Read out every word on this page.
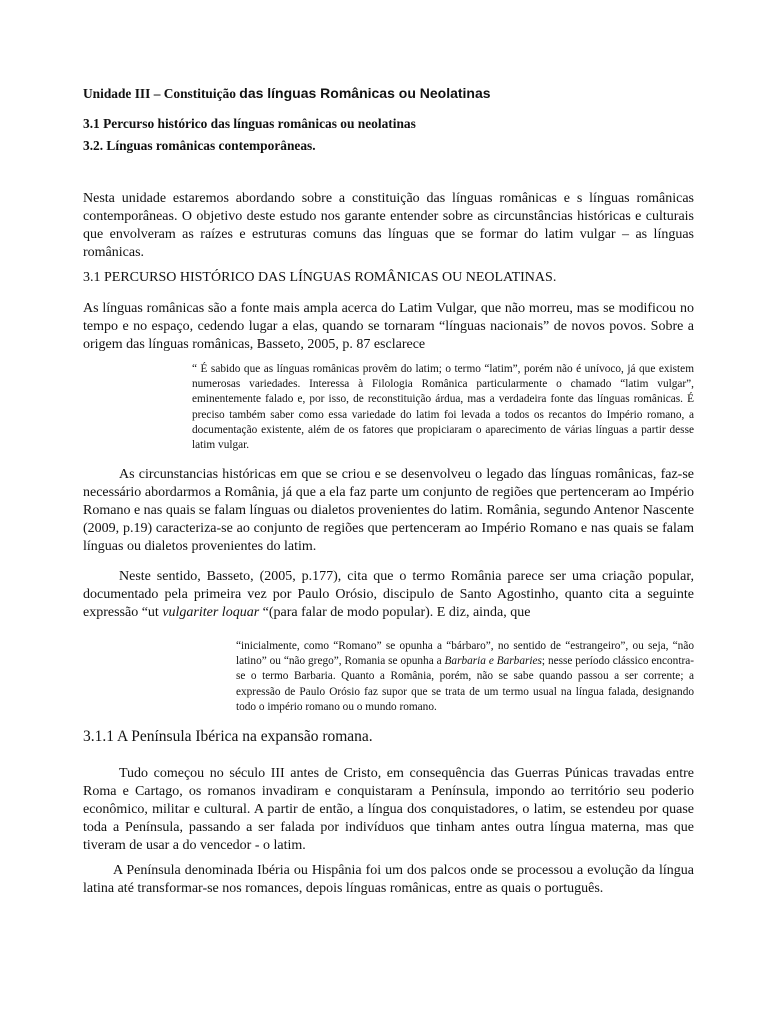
Unidade III – Constituição das línguas Românicas ou Neolatinas
3.1 Percurso histórico das línguas românicas ou neolatinas
3.2. Línguas românicas contemporâneas.
Nesta unidade estaremos abordando sobre a constituição das línguas românicas e s línguas românicas contemporâneas. O objetivo deste estudo nos garante entender sobre as circunstâncias históricas e culturais que envolveram as raízes e estruturas comuns das línguas que se formar do latim vulgar – as línguas românicas.
3.1 PERCURSO HISTÓRICO DAS LÍNGUAS ROMÂNICAS OU NEOLATINAS.
As línguas românicas são a fonte mais ampla acerca do Latim Vulgar, que não morreu, mas se modificou no tempo e no espaço, cedendo lugar a elas, quando se tornaram “línguas nacionais” de novos povos. Sobre a origem das línguas românicas, Basseto, 2005, p. 87 esclarece
“ É sabido que as línguas românicas provêm do latim; o termo “latim”, porém não é unívoco, já que existem numerosas variedades. Interessa à Filologia Românica particularmente o chamado “latim vulgar”, eminentemente falado e, por isso, de reconstituição árdua, mas a verdadeira fonte das línguas românicas. É preciso também saber como essa variedade do latim foi levada a todos os recantos do Império romano, a documentação existente, além de os fatores que propiciaram o aparecimento de várias línguas a partir desse latim vulgar.
As circunstancias históricas em que se criou e se desenvolveu o legado das línguas românicas, faz-se necessário abordarmos a România, já que a ela faz parte um conjunto de regiões que pertenceram ao Império Romano e nas quais se falam línguas ou dialetos provenientes do latim. România, segundo Antenor Nascente (2009, p.19) caracteriza-se ao conjunto de regiões que pertenceram ao Império Romano e nas quais se falam línguas ou dialetos provenientes do latim.
Neste sentido, Basseto, (2005, p.177), cita que o termo România parece ser uma criação popular, documentado pela primeira vez por Paulo Orósio, discipulo de Santo Agostinho, quanto cita a seguinte expressão “ut vulgariter loquar “(para falar de modo popular). E diz, ainda, que
“inicialmente, como “Romano” se opunha a “bárbaro”, no sentido de “estrangeiro”, ou seja, “não latino” ou “não grego”, Romania se opunha a Barbaria e Barbaries; nesse período clássico encontra-se o termo Barbaria. Quanto a România, porém, não se sabe quando passou a ser corrente; a expressão de Paulo Orósio faz supor que se trata de um termo usual na língua falada, designando todo o império romano ou o mundo romano.
3.1.1 A Península Ibérica na expansão romana.
Tudo começou no século III antes de Cristo, em consequência das Guerras Púnicas travadas entre Roma e Cartago, os romanos invadiram e conquistaram a Península, impondo ao território seu poderio econômico, militar e cultural. A partir de então, a língua dos conquistadores, o latim, se estendeu por quase toda a Península, passando a ser falada por indivíduos que tinham antes outra língua materna, mas que tiveram de usar a do vencedor - o latim.
A Península denominada Ibéria ou Hispânia foi um dos palcos onde se processou a evolução da língua latina até transformar-se nos romances, depois línguas românicas, entre as quais o português.
